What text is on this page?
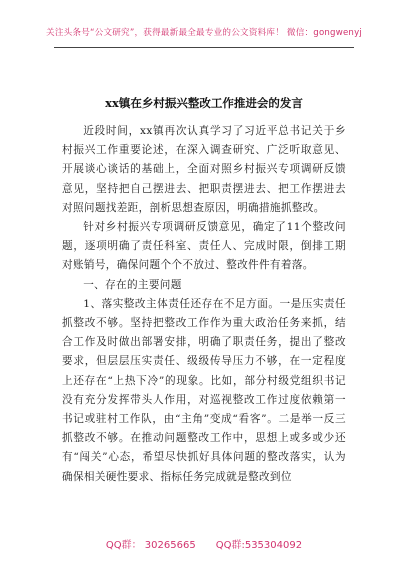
关注头条号“公文研究”，获得最新最全最专业的公文资料库！ 微信：gongwenyj
xx镇在乡村振兴整改工作推进会的发言

近段时间，xx镇再次认真学习了习近平总书记关于乡村振兴工作重要论述，在深入调查研究、广泛听取意见、开展谈心谈话的基础上，全面对照乡村振兴专项调研反馈意见，坚持把自己摆进去、把职责摆进去、把工作摆进去对照问题找差距，剖析思想查原因，明确措施抓整改。

针对乡村振兴专项调研反馈意见，确定了11个整改问题，逐项明确了责任科室、责任人、完成时限，倒排工期对账销号，确保问题个个不放过、整改件件有着落。

一、存在的主要问题

1、落实整改主体责任还存在不足方面。一是压实责任抓整改不够。坚持把整改工作作为重大政治任务来抓，结合工作及时做出部署安排，明确了职责任务，提出了整改要求，但层层压实责任、级级传导压力不够，在一定程度上还存在“上热下冷”的现象。比如，部分村级党组织书记没有充分发挥带头人作用，对巡视整改工作过度依赖第一书记或驻村工作队，由“主角”变成“看客”。二是举一反三抓整改不够。在推动问题整改工作中，思想上或多或少还有“闯关”心态，希望尽快抓好具体问题的整改落实，认为确保相关硬性要求、指标任务完成就是整改到位

QQ群： 30265665 QQ群:535304092
